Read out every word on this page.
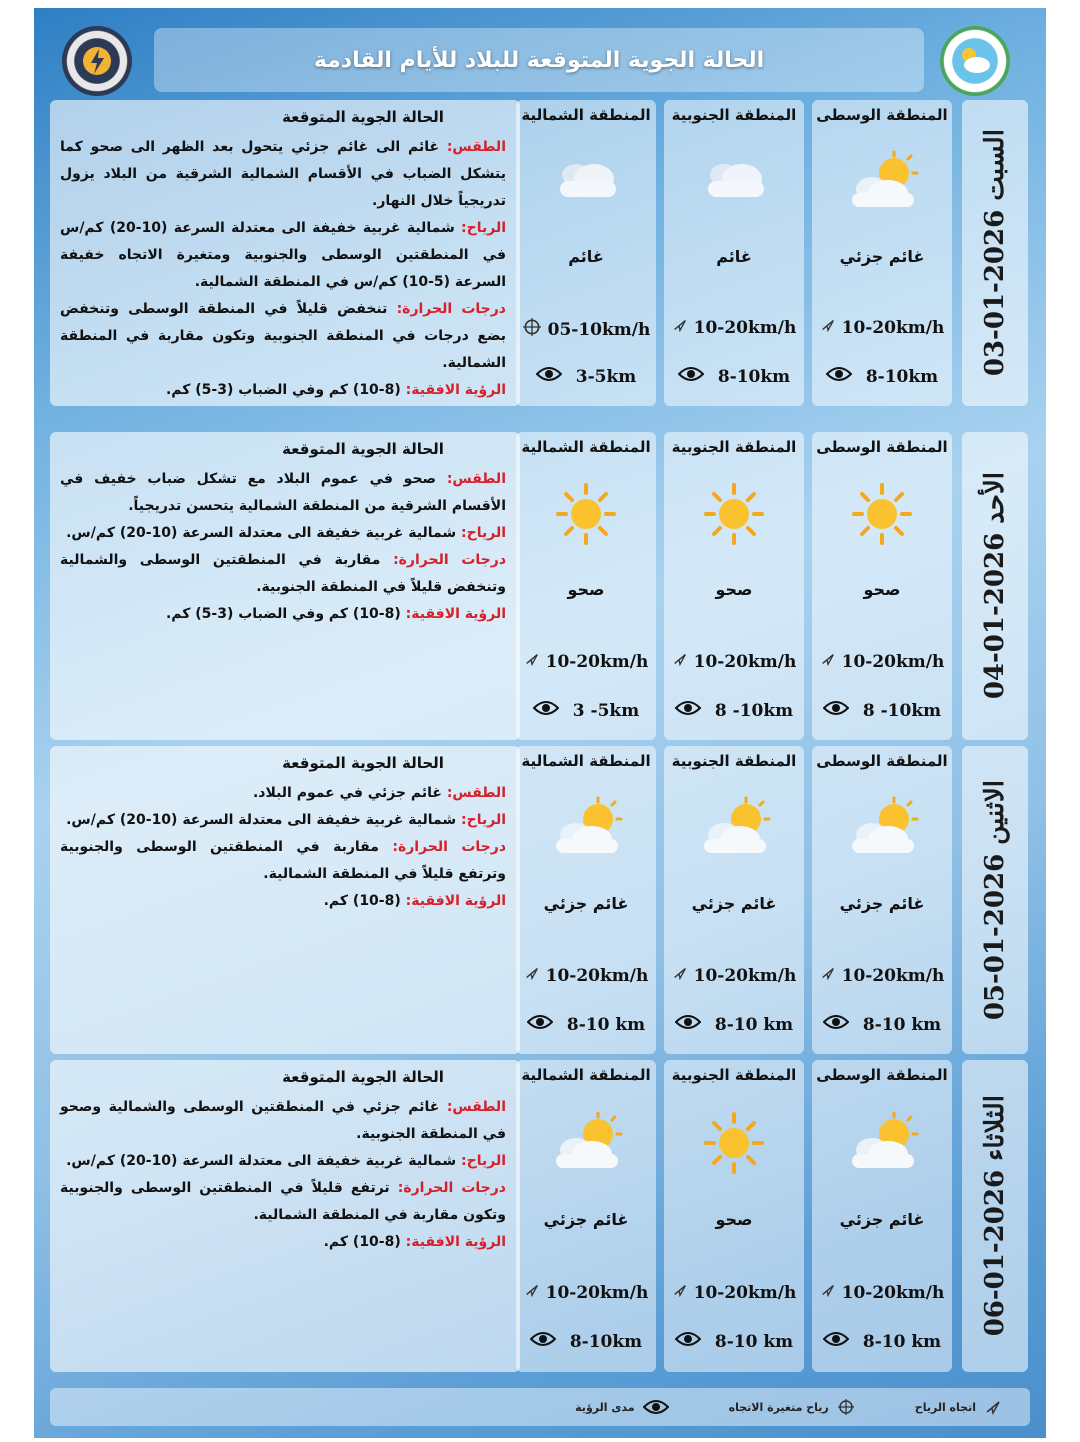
الحالة الجوية المتوقعة للبلاد للأيام القادمة
السبت 2026-01-03
المنطقة الوسطى
غائم جزئي
10-20km/h
8-10km
المنطقة الجنوبية
غائم
10-20km/h
8-10km
المنطقة الشمالية
غائم
05-10km/h
3-5km
الحالة الجوية المتوقعة

الطقس: غائم الى غائم جزئي يتحول بعد الظهر الى صحو كما يتشكل الضباب في الأقسام الشمالية الشرقية من البلاد يزول تدريجياً خلال النهار.

الرياح: شمالية غربية خفيفة الى معتدلة السرعة (10-20) كم/س في المنطقتين الوسطى والجنوبية ومتغيرة الاتجاه خفيفة السرعة (5-10) كم/س في المنطقة الشمالية.

درجات الحرارة: تنخفض قليلاً في المنطقة الوسطى وتنخفض بضع درجات في المنطقة الجنوبية وتكون مقاربة في المنطقة الشمالية.

الرؤية الافقية: (8-10) كم وفي الضباب (3-5) كم.

الأحد 2026-01-04
المنطقة الوسطى
صحو
10-20km/h
8 -10km
المنطقة الجنوبية
صحو
10-20km/h
8 -10km
المنطقة الشمالية
صحو
10-20km/h
3 -5km
الحالة الجوية المتوقعة

الطقس: صحو في عموم البلاد مع تشكل ضباب خفيف في الأقسام الشرقية من المنطقة الشمالية يتحسن تدريجياً.

الرياح: شمالية غربية خفيفة الى معتدلة السرعة (10-20) كم/س.

درجات الحرارة: مقاربة في المنطقتين الوسطى والشمالية وتنخفض قليلاً في المنطقة الجنوبية.

الرؤية الافقية: (8-10) كم وفي الضباب (3-5) كم.

الاثنين 2026-01-05
المنطقة الوسطى
غائم جزئي
10-20km/h
8-10 km
المنطقة الجنوبية
غائم جزئي
10-20km/h
8-10 km
المنطقة الشمالية
غائم جزئي
10-20km/h
8-10 km
الحالة الجوية المتوقعة

الطقس: غائم جزئي في عموم البلاد.

الرياح: شمالية غربية خفيفة الى معتدلة السرعة (10-20) كم/س.

درجات الحرارة: مقاربة في المنطقتين الوسطى والجنوبية وترتفع قليلاً في المنطقة الشمالية.

الرؤية الافقية: (8-10) كم.

الثلاثاء 2026-01-06
المنطقة الوسطى
غائم جزئي
10-20km/h
8-10 km
المنطقة الجنوبية
صحو
10-20km/h
8-10 km
المنطقة الشمالية
غائم جزئي
10-20km/h
8-10km
الحالة الجوية المتوقعة

الطقس: غائم جزئي في المنطقتين الوسطى والشمالية وصحو في المنطقة الجنوبية.

الرياح: شمالية غربية خفيفة الى معتدلة السرعة (10-20) كم/س.

درجات الحرارة: ترتفع قليلاً في المنطقتين الوسطى والجنوبية وتكون مقاربة في المنطقة الشمالية.

الرؤية الافقية: (8-10) كم.

اتجاه الرياح
رياح متغيرة الاتجاه
مدى الرؤية
